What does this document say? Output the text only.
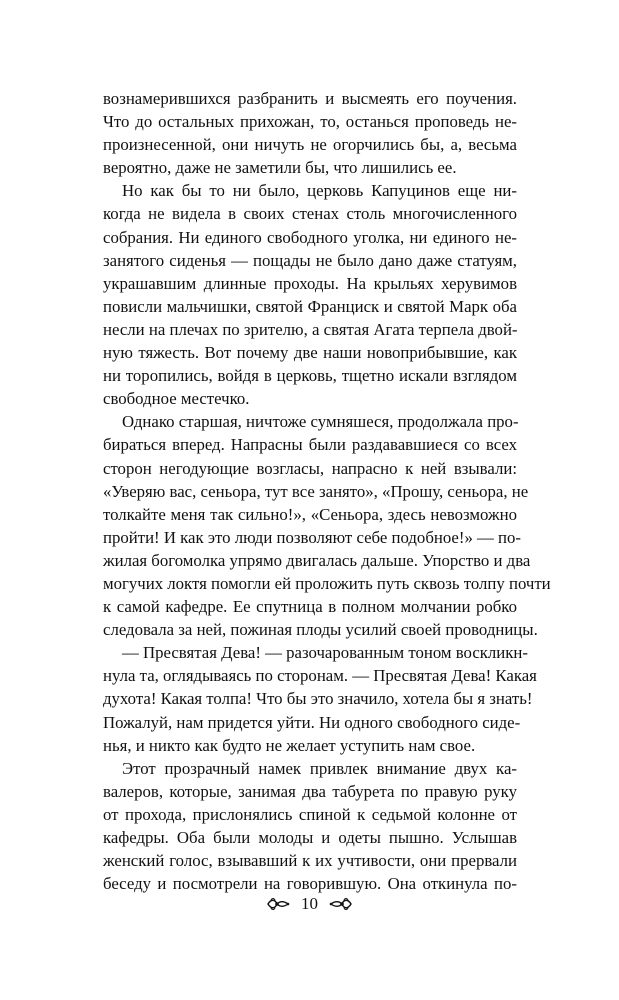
вознамерившихся разбранить и высмеять его поучения.
Что до остальных прихожан, то, останься проповедь не-
произнесенной, они ничуть не огорчились бы, а, весьма
вероятно, даже не заметили бы, что лишились ее.
Но как бы то ни было, церковь Капуцинов еще ни-
когда не видела в своих стенах столь многочисленного
собрания. Ни единого свободного уголка, ни единого не-
занятого сиденья — пощады не было дано даже статуям,
украшавшим длинные проходы. На крыльях херувимов
повисли мальчишки, святой Франциск и святой Марк оба
несли на плечах по зрителю, а святая Агата терпела двой-
ную тяжесть. Вот почему две наши новоприбывшие, как
ни торопились, войдя в церковь, тщетно искали взглядом
свободное местечко.
Однако старшая, ничтоже сумняшеся, продолжала про-
бираться вперед. Напрасны были раздававшиеся со всех
сторон негодующие возгласы, напрасно к ней взывали:
«Уверяю вас, сеньора, тут все занято», «Прошу, сеньора, не
толкайте меня так сильно!», «Сеньора, здесь невозможно
пройти! И как это люди позволяют себе подобное!» — по-
жилая богомолка упрямо двигалась дальше. Упорство и два
могучих локтя помогли ей проложить путь сквозь толпу почти
к самой кафедре. Ее спутница в полном молчании робко
следовала за ней, пожиная плоды усилий своей проводницы.
— Пресвятая Дева! — разочарованным тоном воскликн-
нула та, оглядываясь по сторонам. — Пресвятая Дева! Какая
духота! Какая толпа! Что бы это значило, хотела бы я знать!
Пожалуй, нам придется уйти. Ни одного свободного сиде-
нья, и никто как будто не желает уступить нам свое.
Этот прозрачный намек привлек внимание двух ка-
валеров, которые, занимая два табурета по правую руку
от прохода, прислонялись спиной к седьмой колонне от
кафедры. Оба были молоды и одеты пышно. Услышав
женский голос, взывавший к их учтивости, они прервали
беседу и посмотрели на говорившую. Она откинула по-
10
